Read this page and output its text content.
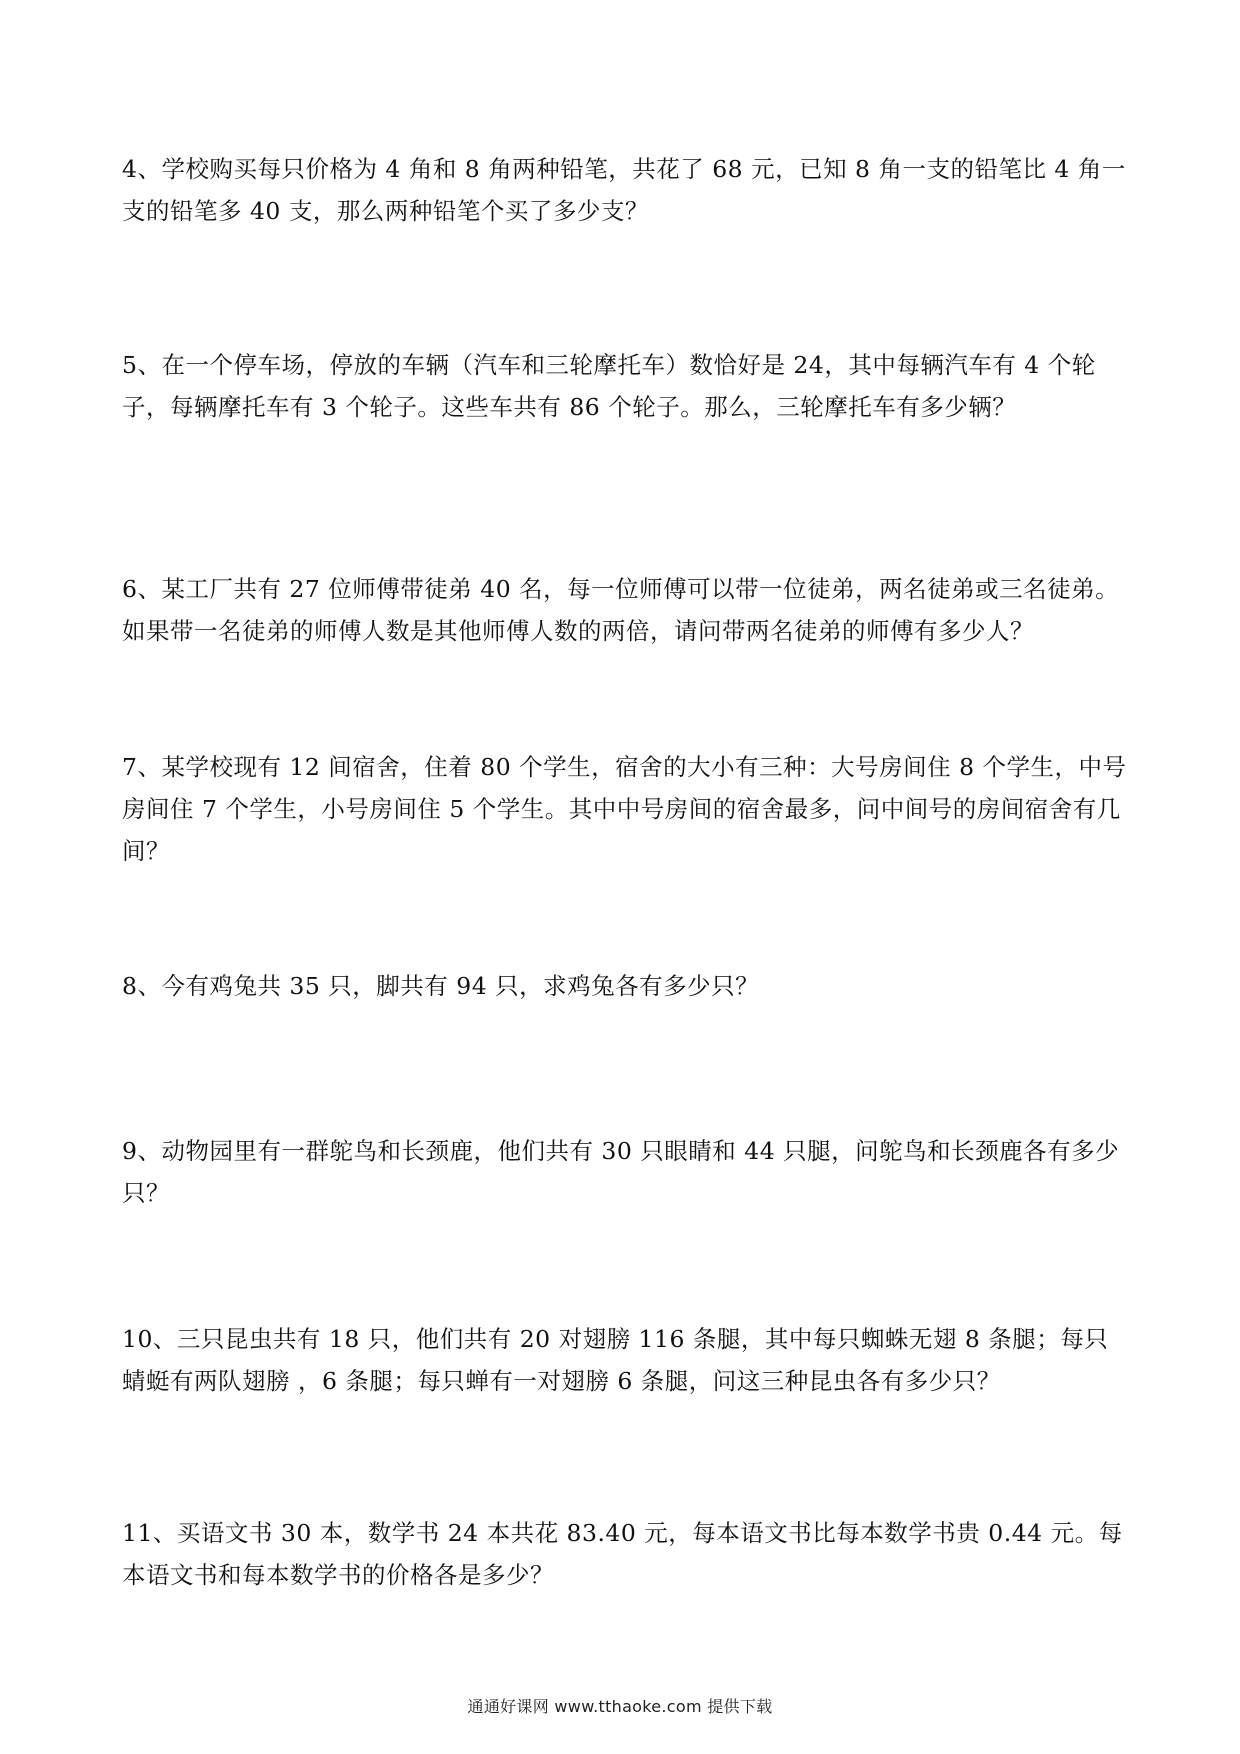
4、学校购买每只价格为 4 角和 8 角两种铅笔，共花了 68 元，已知 8 角一支的铅笔比 4 角一支的铅笔多 40 支，那么两种铅笔个买了多少支？

5、在一个停车场，停放的车辆（汽车和三轮摩托车）数恰好是 24，其中每辆汽车有 4 个轮子，每辆摩托车有 3 个轮子。这些车共有 86 个轮子。那么，三轮摩托车有多少辆？

6、某工厂共有 27 位师傅带徒弟 40 名，每一位师傅可以带一位徒弟，两名徒弟或三名徒弟。如果带一名徒弟的师傅人数是其他师傅人数的两倍，请问带两名徒弟的师傅有多少人？

7、某学校现有 12 间宿舍，住着 80 个学生，宿舍的大小有三种：大号房间住 8 个学生，中号房间住 7 个学生，小号房间住 5 个学生。其中中号房间的宿舍最多，问中间号的房间宿舍有几间？

8、今有鸡兔共 35 只，脚共有 94 只，求鸡兔各有多少只？

9、动物园里有一群鸵鸟和长颈鹿，他们共有 30 只眼睛和 44 只腿，问鸵鸟和长颈鹿各有多少只？

10、三只昆虫共有 18 只，他们共有 20 对翅膀 116 条腿，其中每只蜘蛛无翅 8 条腿；每只蜻蜓有两队翅膀 ，6 条腿；每只蝉有一对翅膀 6 条腿，问这三种昆虫各有多少只？

11、买语文书 30 本，数学书 24 本共花 83.40 元，每本语文书比每本数学书贵 0.44 元。每本语文书和每本数学书的价格各是多少？

通通好课网 www.tthaoke.com 提供下载
